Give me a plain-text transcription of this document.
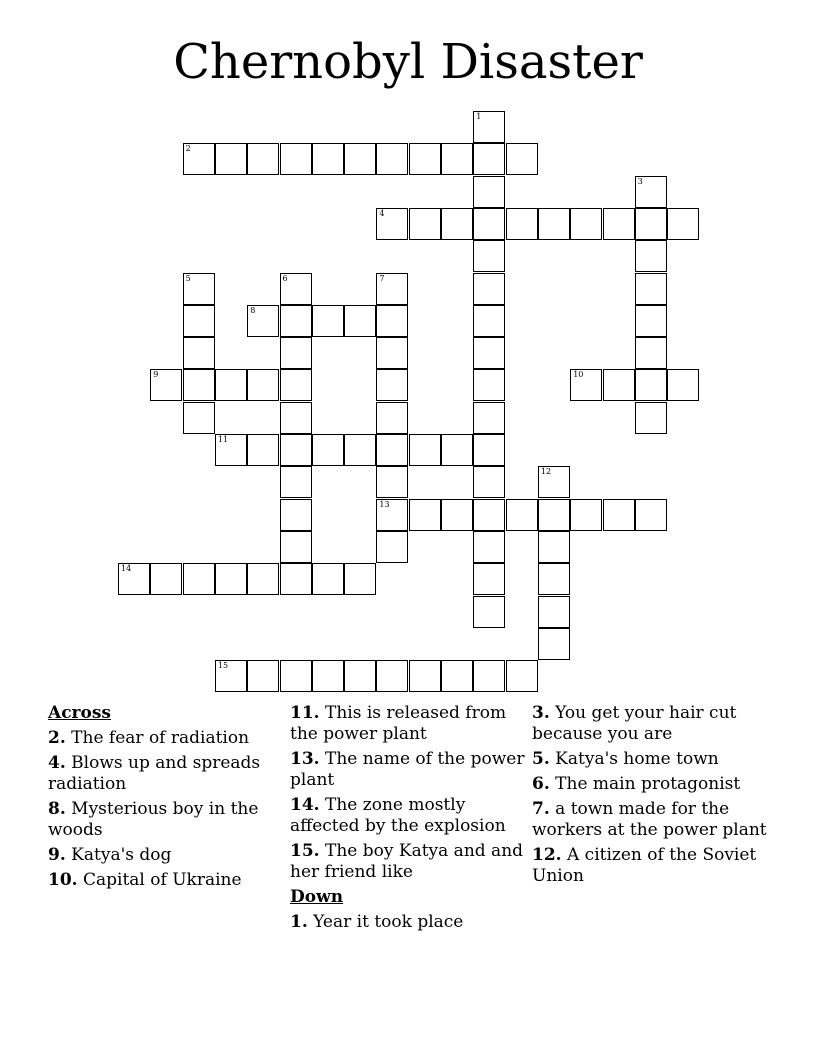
Chernobyl Disaster
1
2
3
4
5	6	7
13
8
9	10
11
12
14
15
Across
2. The fear of radiation
4. Blows up and spreads radiation
8. Mysterious boy in the woods
9. Katya's dog
10. Capital of Ukraine
11. This is released from the power plant
13. The name of the power plant
14. The zone mostly affected by the explosion
15. The boy Katya and and her friend like
Down
1. Year it took place
3. You get your hair cut because you are
5. Katya's home town
6. The main protagonist
7. a town made for the workers at the power plant
12. A citizen of the Soviet Union
